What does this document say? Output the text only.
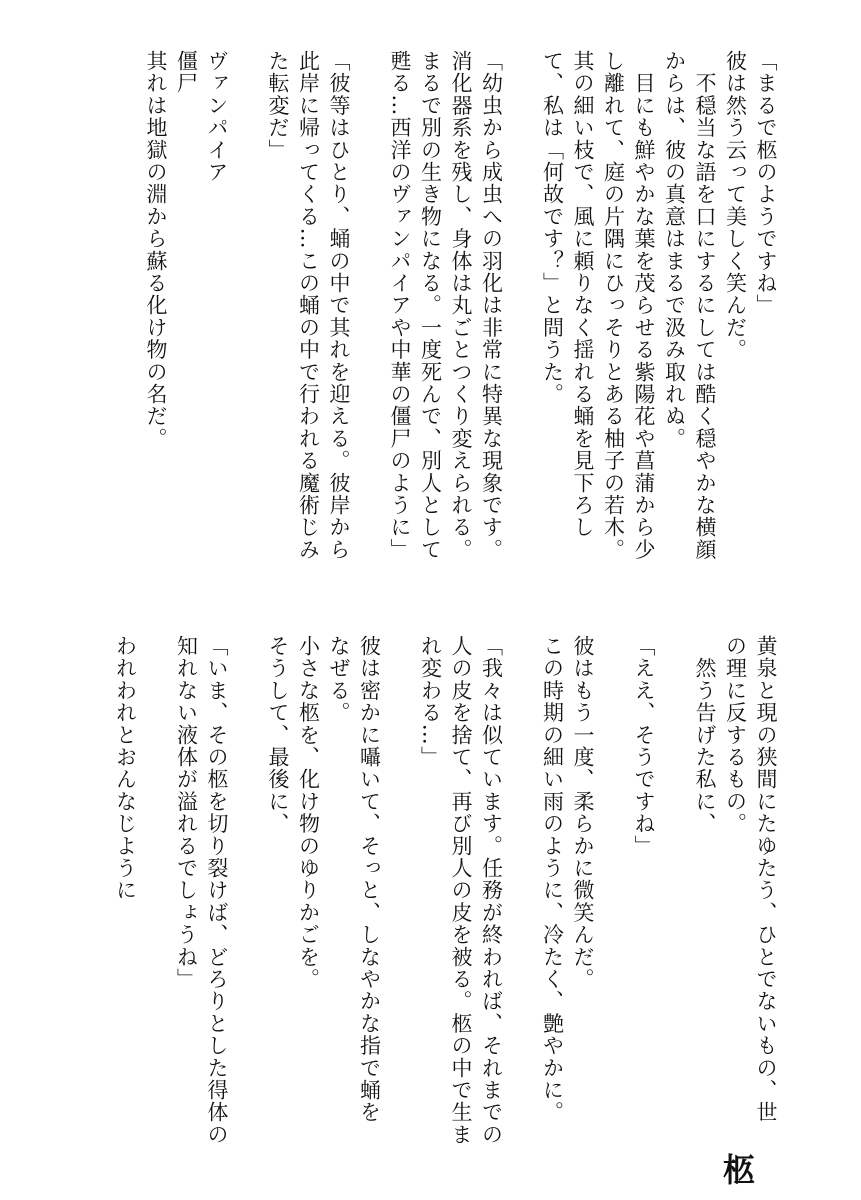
「まるで柩のようですね」
彼は然う云って美しく笑んだ。
　不穏当な語を口にするにしては酷く穏やかな横顔
からは、彼の真意はまるで汲み取れぬ。
　目にも鮮やかな葉を茂らせる紫陽花や菖蒲から少
し離れて、庭の片隅にひっそりとある柚子の若木。
其の細い枝で、風に頼りなく揺れる蛹を見下ろし
て、私は「何故です？」と問うた。

「幼虫から成虫への羽化は非常に特異な現象です。
消化器系を残し、身体は丸ごとつくり変えられる。
まるで別の生き物になる。一度死んで、別人として
甦る…西洋のヴァンパイアや中華の僵尸のように」

「彼等はひとり、蛹の中で其れを迎える。彼岸から
此岸に帰ってくる…この蛹の中で行われる魔術じみ
た転変だ」

ヴァンパイア
僵尸
其れは地獄の淵から蘇る化け物の名だ。
黄泉と現の狭間にたゆたう、ひとでないもの、世
の理に反するもの。
　然う告げた私に、

「ええ、そうですね」

彼はもう一度、柔らかに微笑んだ。
この時期の細い雨のように、冷たく、艶やかに。

「我々は似ています。任務が終われば、それまでの
人の皮を捨て、再び別人の皮を被る。柩の中で生ま
れ変わる…」

彼は密かに囁いて、そっと、しなやかな指で蛹を
なぜる。
小さな柩を、化け物のゆりかごを。
そうして、最後に、

「いま、その柩を切り裂けば、どろりとした得体の
知れない液体が溢れるでしょうね」

われわれとおんなじように
柩
